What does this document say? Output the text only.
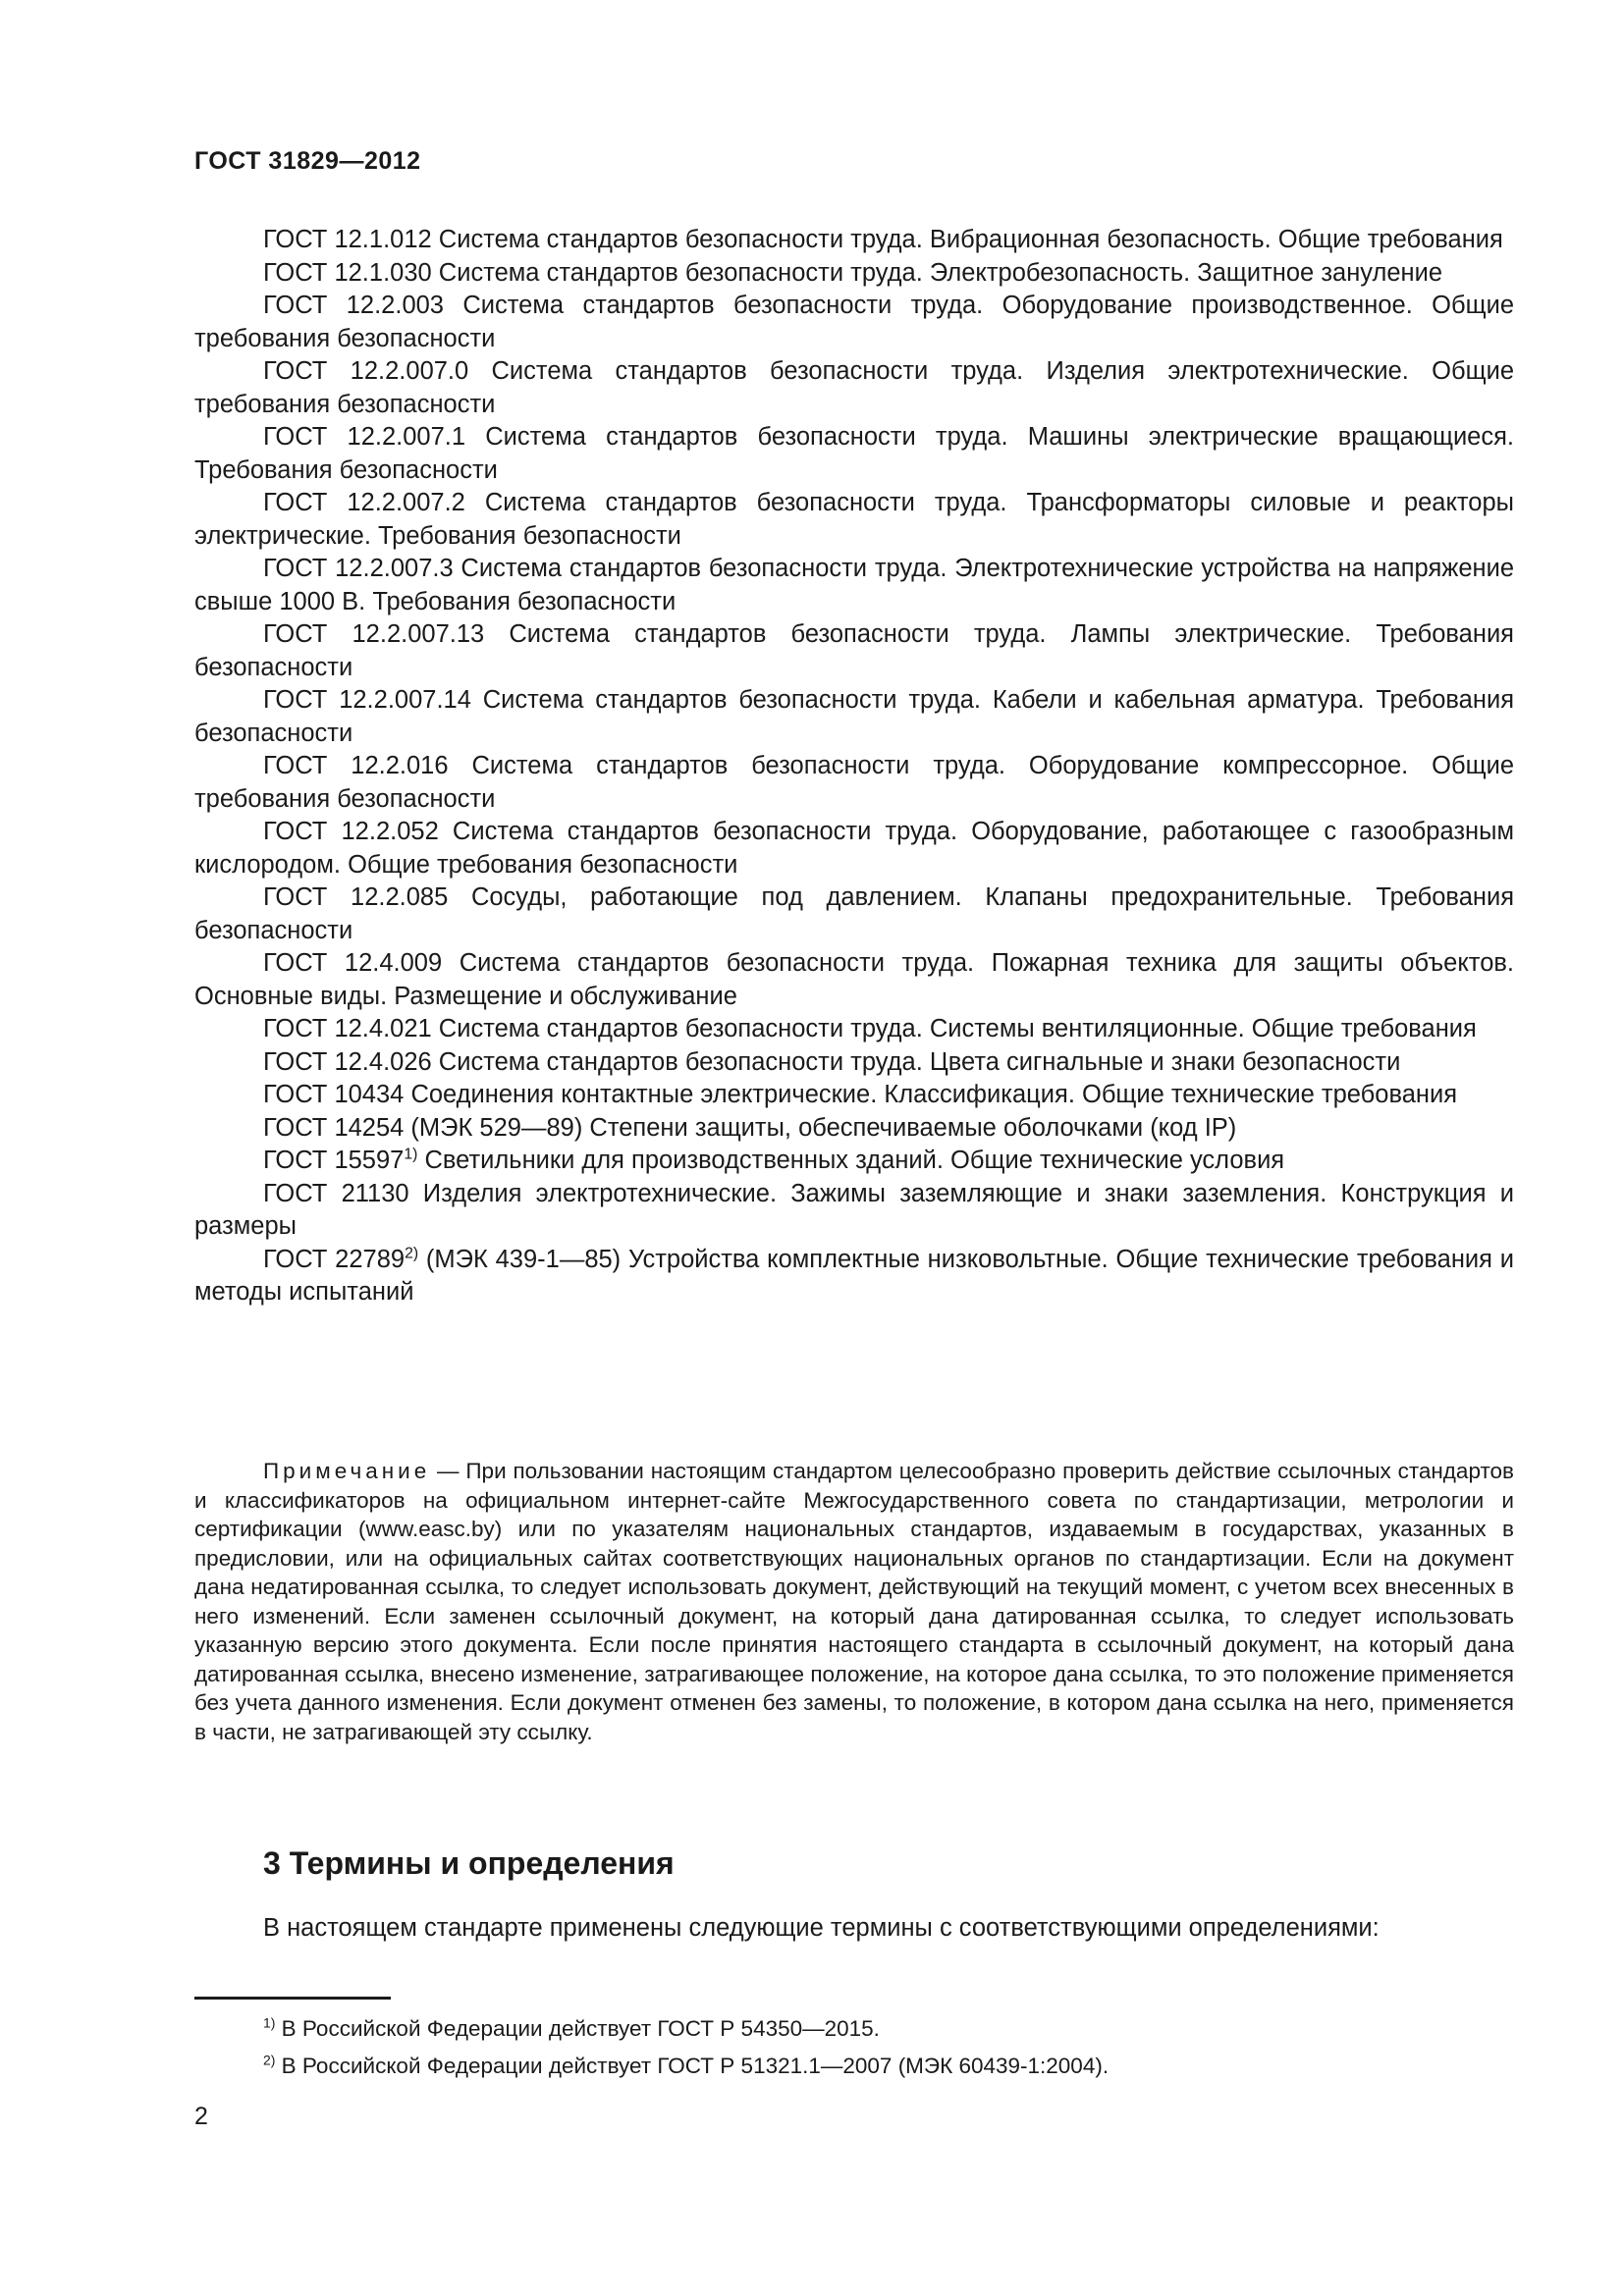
ГОСТ 31829—2012

ГОСТ 12.1.012 Система стандартов безопасности труда. Вибрационная безопасность. Общие требования

ГОСТ 12.1.030 Система стандартов безопасности труда. Электробезопасность. Защитное зануление

ГОСТ 12.2.003 Система стандартов безопасности труда. Оборудование производственное. Общие требования безопасности

ГОСТ 12.2.007.0 Система стандартов безопасности труда. Изделия электротехнические. Общие требования безопасности

ГОСТ 12.2.007.1 Система стандартов безопасности труда. Машины электрические вращающиеся. Требования безопасности

ГОСТ 12.2.007.2 Система стандартов безопасности труда. Трансформаторы силовые и реакторы электрические. Требования безопасности

ГОСТ 12.2.007.3 Система стандартов безопасности труда. Электротехнические устройства на напряжение свыше 1000 В. Требования безопасности

ГОСТ 12.2.007.13 Система стандартов безопасности труда. Лампы электрические. Требования безопасности

ГОСТ 12.2.007.14 Система стандартов безопасности труда. Кабели и кабельная арматура. Требования безопасности

ГОСТ 12.2.016 Система стандартов безопасности труда. Оборудование компрессорное. Общие требования безопасности

ГОСТ 12.2.052 Система стандартов безопасности труда. Оборудование, работающее с газообразным кислородом. Общие требования безопасности

ГОСТ 12.2.085 Сосуды, работающие под давлением. Клапаны предохранительные. Требования безопасности

ГОСТ 12.4.009 Система стандартов безопасности труда. Пожарная техника для защиты объектов. Основные виды. Размещение и обслуживание

ГОСТ 12.4.021 Система стандартов безопасности труда. Системы вентиляционные. Общие требования

ГОСТ 12.4.026 Система стандартов безопасности труда. Цвета сигнальные и знаки безопасности

ГОСТ 10434 Соединения контактные электрические. Классификация. Общие технические требования

ГОСТ 14254 (МЭК 529—89) Степени защиты, обеспечиваемые оболочками (код IP)

ГОСТ 15597$^{1)}$ Светильники для производственных зданий. Общие технические условия

ГОСТ 21130 Изделия электротехнические. Зажимы заземляющие и знаки заземления. Конструкция и размеры

ГОСТ 22789$^{2)}$ (МЭК 439-1—85) Устройства комплектные низковольтные. Общие технические требования и методы испытаний

Примечание — При пользовании настоящим стандартом целесообразно проверить действие ссылочных стандартов и классификаторов на официальном интернет-сайте Межгосударственного совета по стандартизации, метрологии и сертификации (www.easc.by) или по указателям национальных стандартов, издаваемым в государствах, указанных в предисловии, или на официальных сайтах соответствующих национальных органов по стандартизации. Если на документ дана недатированная ссылка, то следует использовать документ, действующий на текущий момент, с учетом всех внесенных в него изменений. Если заменен ссылочный документ, на который дана датированная ссылка, то следует использовать указанную версию этого документа. Если после принятия настоящего стандарта в ссылочный документ, на который дана датированная ссылка, внесено изменение, затрагивающее положение, на которое дана ссылка, то это положение применяется без учета данного изменения. Если документ отменен без замены, то положение, в котором дана ссылка на него, применяется в части, не затрагивающей эту ссылку.

3 Термины и определения
В настоящем стандарте применены следующие термины с соответствующими определениями:
$^{1)}$ В Российской Федерации действует ГОСТ Р 54350—2015.
$^{2)}$ В Российской Федерации действует ГОСТ Р 51321.1—2007 (МЭК 60439-1:2004).
2
